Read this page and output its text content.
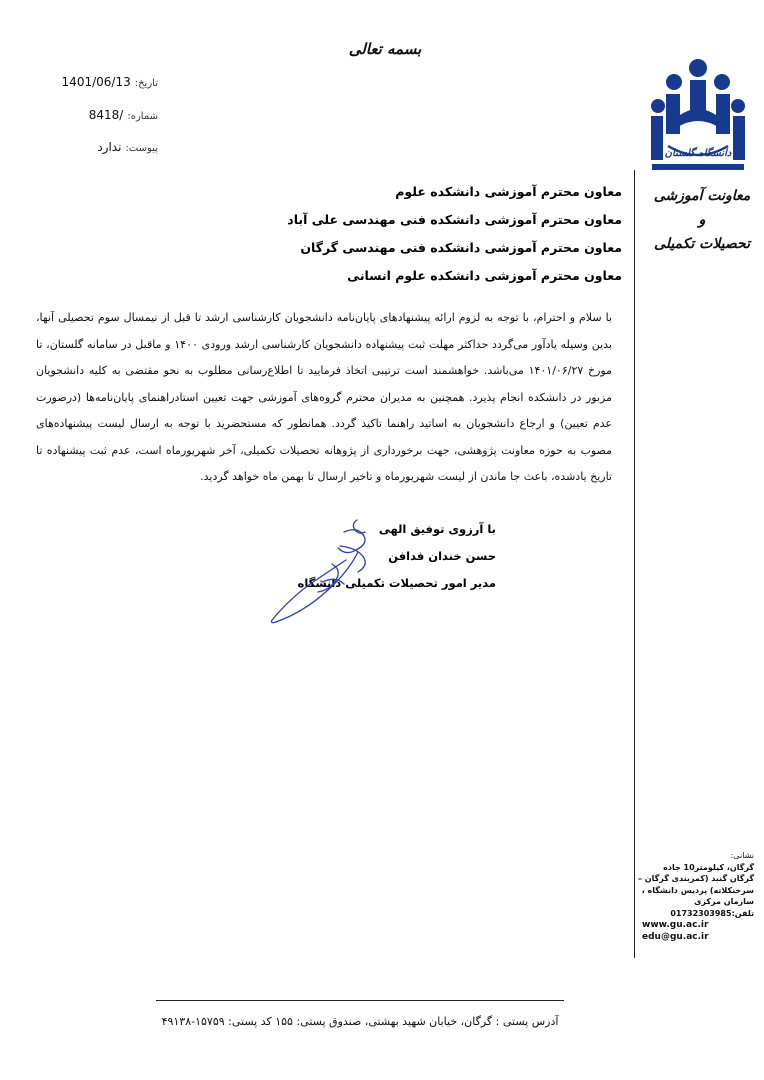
بسمه تعالی
دانشگاه گلستان
معاونت آموزشی و
تحصیلات تکمیلی
تاریخ:1401/06/13
شماره:8418/
پیوست:ندارد
معاون محترم آموزشی دانشکده علوم
معاون محترم آموزشی دانشکده فنی مهندسی علی آباد
معاون محترم آموزشی دانشکده فنی مهندسی گرگان
معاون محترم آموزشی دانشکده علوم انسانی
با سلام و احترام، با توجه به لزوم ارائه پیشنهادهای پایان‌نامه دانشجویان کارشناسی ارشد تا قبل از نیمسال سوم تحصیلی آنها، بدین وسیله یادآور می‌گردد حداکثر مهلت ثبت پیشنهاده دانشجویان کارشناسی ارشد ورودی ۱۴۰۰ و ماقبل در سامانه گلستان، تا مورخ ۱۴۰۱/۰۶/۲۷ می‌باشد. خواهشمند است ترتیبی اتخاذ فرمایید تا اطلاع‌رسانی مطلوب به نحو مقتضی به کلیه دانشجویان مزبور در دانشکده انجام پذیرد. همچنین به مدیران محترم گروه‌های آموزشی جهت تعیین استادراهنمای پایان‌نامه‌ها (درصورت عدم تعیین) و ارجاع دانشجویان به اساتید راهنما تاکید گردد. همانطور که مستحضرید با توجه به ارسال لیست پیشنهاده‌های مصوب به حوزه معاونت پژوهشی، جهت برخورداری از پژوهانه تحصیلات تکمیلی، آخر شهریورماه است، عدم ثبت پیشنهاده تا تاریخ یادشده، باعث جا ماندن از لیست شهریورماه و تاخیر ارسال تا بهمن ماه خواهد گردید.
با آرزوی توفیق الهی
حسن خندان فدافن
مدیر امور تحصیلات تکمیلی دانشگاه
نشانی:
گرگان، کیلومتر10 جاده
گرگان گنبد (کمربندی گرگان –
سرخنکلاته) پردیس دانشگاه ،
سازمان مرکزی
تلفن:01732303985
www.gu.ac.ir
edu@gu.ac.ir
آدرس پستی : گرگان، خیابان شهید بهشتی، صندوق پستی: ۱۵۵ کد پستی: ۱۵۷۵۹-۴۹۱۳۸
